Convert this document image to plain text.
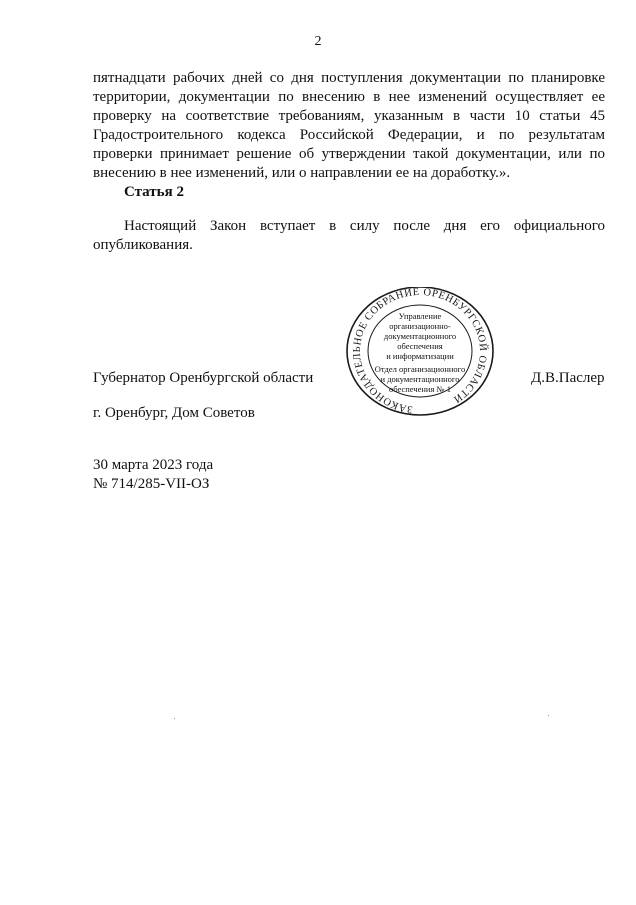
2

пятнадцати рабочих дней со дня поступления документации по планировке территории, документации по внесению в нее изменений осуществляет ее проверку на соответствие требованиям, указанным в части 10 статьи 45 Градостроительного кодекса Российской Федерации, и по результатам проверки принимает решение об утверждении такой документации, или по внесению в нее изменений, или о направлении ее на доработку.».

Статья 2

Настоящий Закон вступает в силу после дня его официального опубликования.

ЗАКОНОДАТЕЛЬНОЕ СОБРАНИЕ ОРЕНБУРГСКОЙ ОБЛАСТИ
Управление
организационно-
документационного
обеспечения
и информатизации
Отдел организационного
и документационного
обеспечения № 1
Губернатор Оренбургской области	Д.В.Паслер
г. Оренбург, Дом Советов
30 марта 2023 года
№ 714/285-VII-ОЗ
